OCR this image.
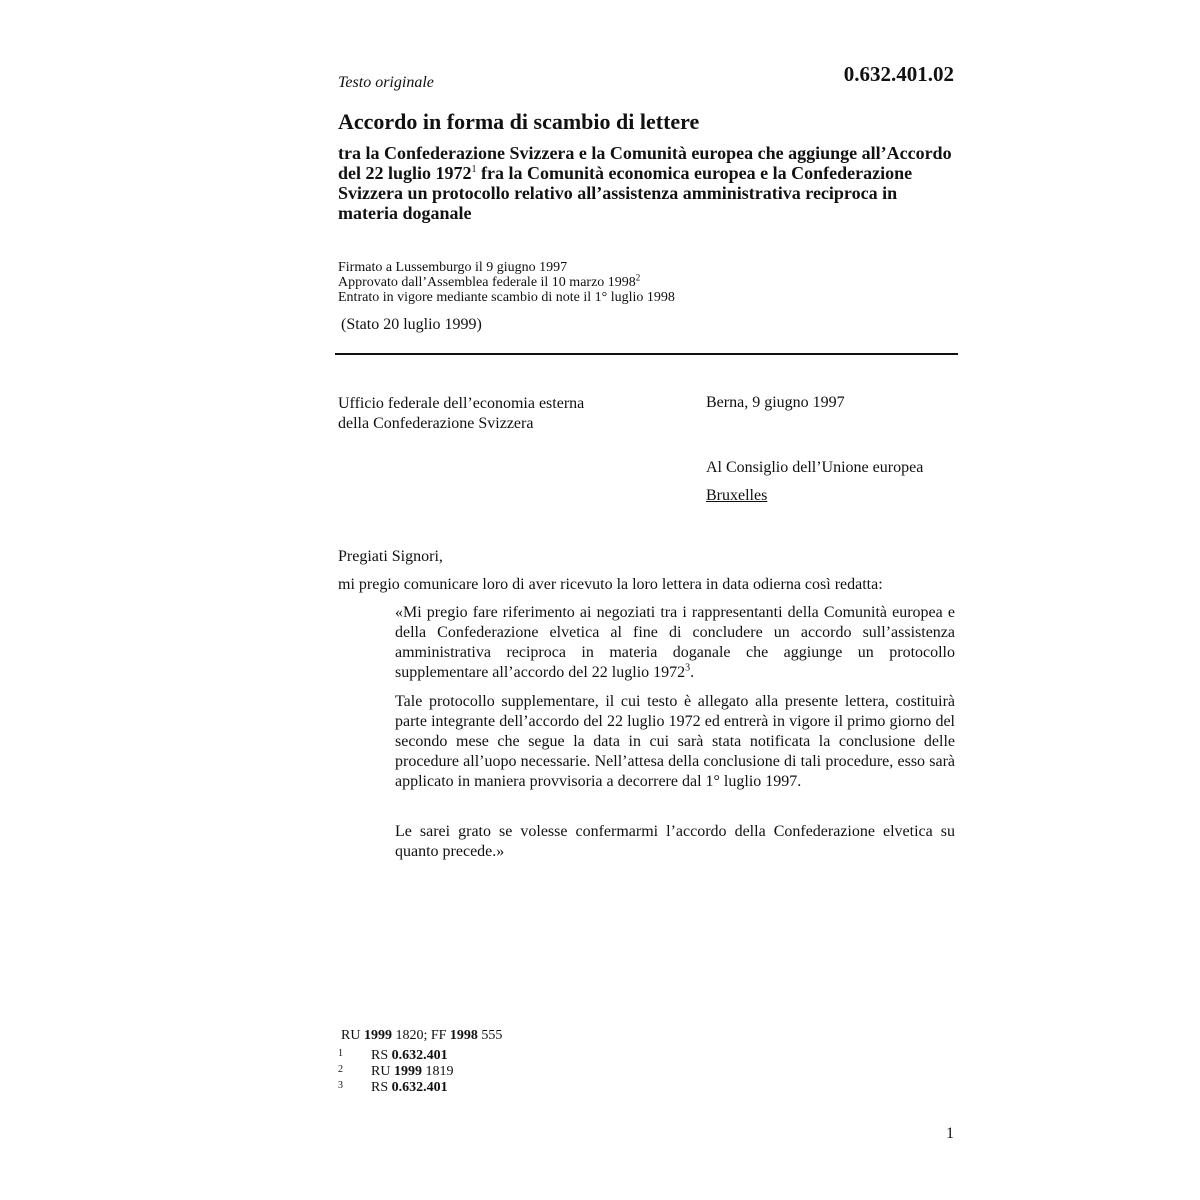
Testo originale	0.632.401.02
Accordo in forma di scambio di lettere
tra la Confederazione Svizzera e la Comunità europea che aggiunge all’Accordo del 22 luglio 1972$^1$ fra la Comunità economica europea e la Confederazione Svizzera un protocollo relativo all’assistenza amministrativa reciproca in materia doganale
Firmato a Lussemburgo il 9 giugno 1997
Approvato dall’Assemblea federale il 10 marzo 1998$^2$
Entrato in vigore mediante scambio di note il 1° luglio 1998
(Stato 20 luglio 1999)
Ufficio federale dell’economia esterna
della Confederazione Svizzera
Berna, 9 giugno 1997
Al Consiglio dell’Unione europea
Bruxelles
Pregiati Signori,
mi pregio comunicare loro di aver ricevuto la loro lettera in data odierna così redatta:
«Mi pregio fare riferimento ai negoziati tra i rappresentanti della Comunità europea e della Confederazione elvetica al fine di concludere un accordo sull’assistenza amministrativa reciproca in materia doganale che aggiunge un protocollo supplementare all’accordo del 22 luglio 1972$^3$.
Tale protocollo supplementare, il cui testo è allegato alla presente lettera, costituirà parte integrante dell’accordo del 22 luglio 1972 ed entrerà in vigore il primo giorno del secondo mese che segue la data in cui sarà stata notificata la conclusione delle procedure all’uopo necessarie. Nell’attesa della conclusione di tali procedure, esso sarà applicato in maniera provvisoria a decorrere dal 1° luglio 1997.
Le sarei grato se volesse confermarmi l’accordo della Confederazione elvetica su quanto precede.»
RU 1999 1820; FF 1998 555
1 RS 0.632.401
2 RU 1999 1819
3 RS 0.632.401
1
